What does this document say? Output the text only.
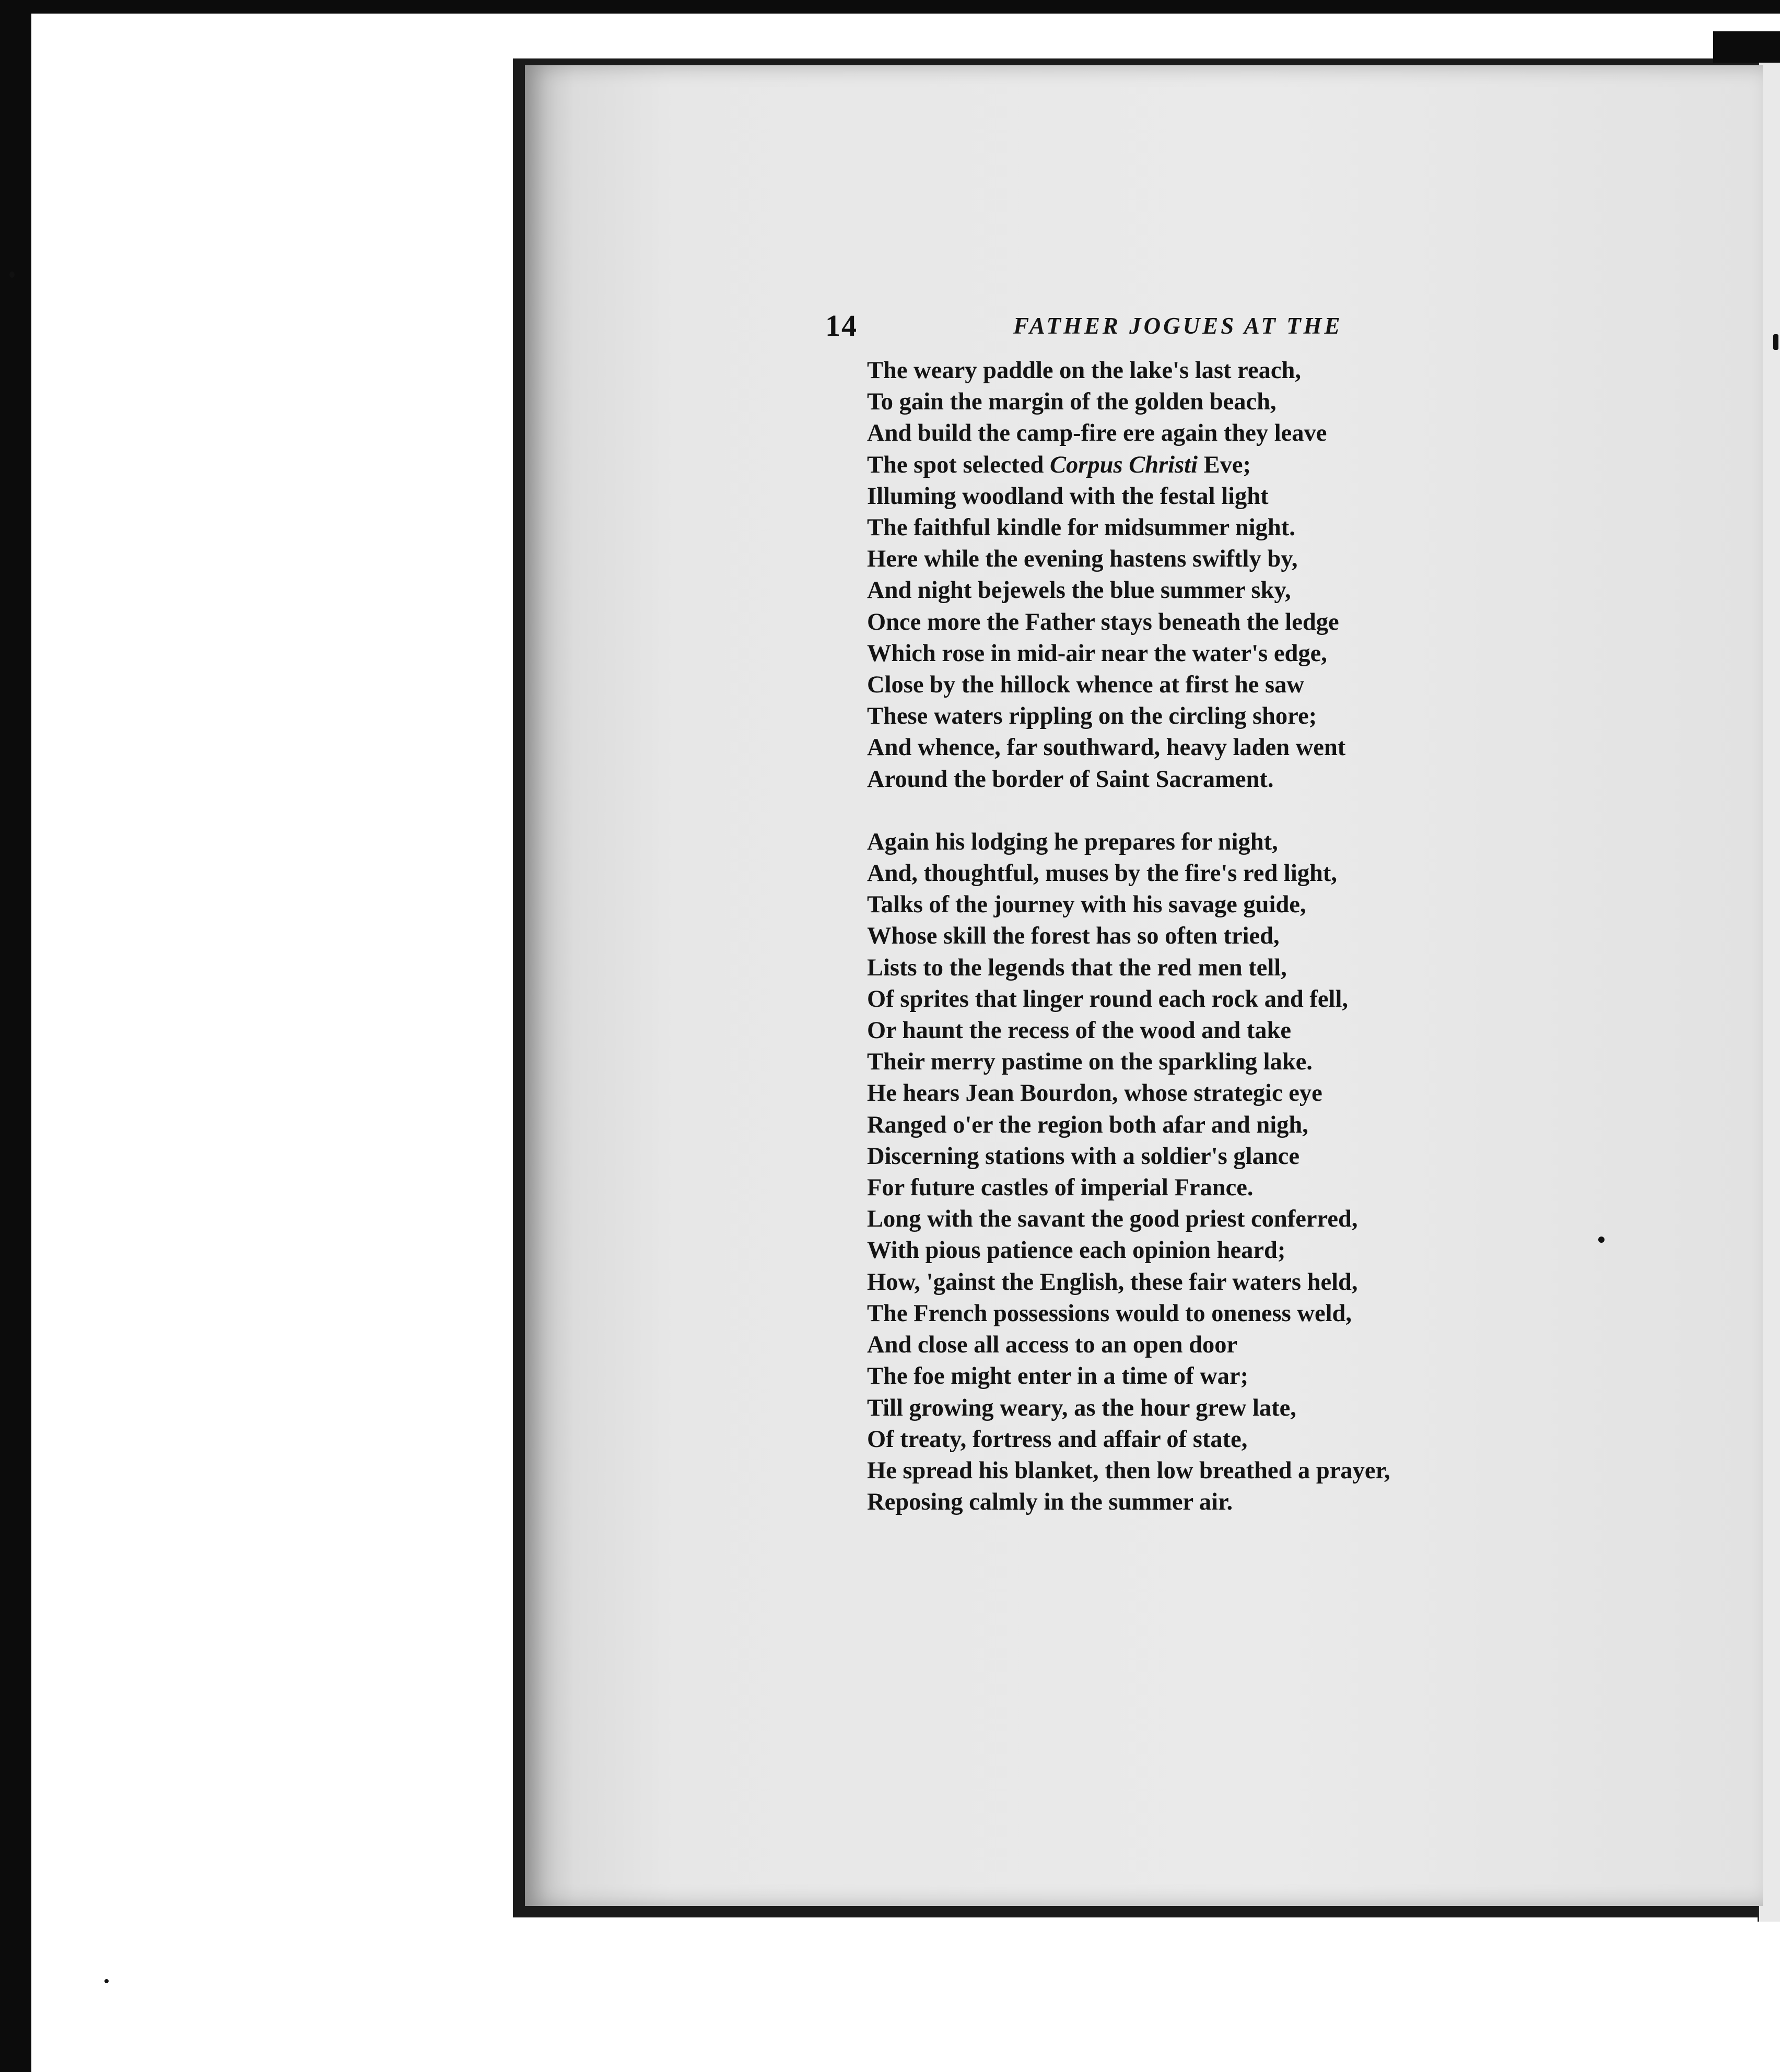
14	FATHER JOGUES AT THE
The weary paddle on the lake's last reach,
To gain the margin of the golden beach,
And build the camp-fire ere again they leave
The spot selected Corpus Christi Eve;
Illuming woodland with the festal light
The faithful kindle for midsummer night.
Here while the evening hastens swiftly by,
And night bejewels the blue summer sky,
Once more the Father stays beneath the ledge
Which rose in mid-air near the water's edge,
Close by the hillock whence at first he saw
These waters rippling on the circling shore;
And whence, far southward, heavy laden went
Around the border of Saint Sacrament.
Again his lodging he prepares for night,
And, thoughtful, muses by the fire's red light,
Talks of the journey with his savage guide,
Whose skill the forest has so often tried,
Lists to the legends that the red men tell,
Of sprites that linger round each rock and fell,
Or haunt the recess of the wood and take
Their merry pastime on the sparkling lake.
He hears Jean Bourdon, whose strategic eye
Ranged o'er the region both afar and nigh,
Discerning stations with a soldier's glance
For future castles of imperial France.
Long with the savant the good priest conferred,
With pious patience each opinion heard;
How, 'gainst the English, these fair waters held,
The French possessions would to oneness weld,
And close all access to an open door
The foe might enter in a time of war;
Till growing weary, as the hour grew late,
Of treaty, fortress and affair of state,
He spread his blanket, then low breathed a prayer,
Reposing calmly in the summer air.
